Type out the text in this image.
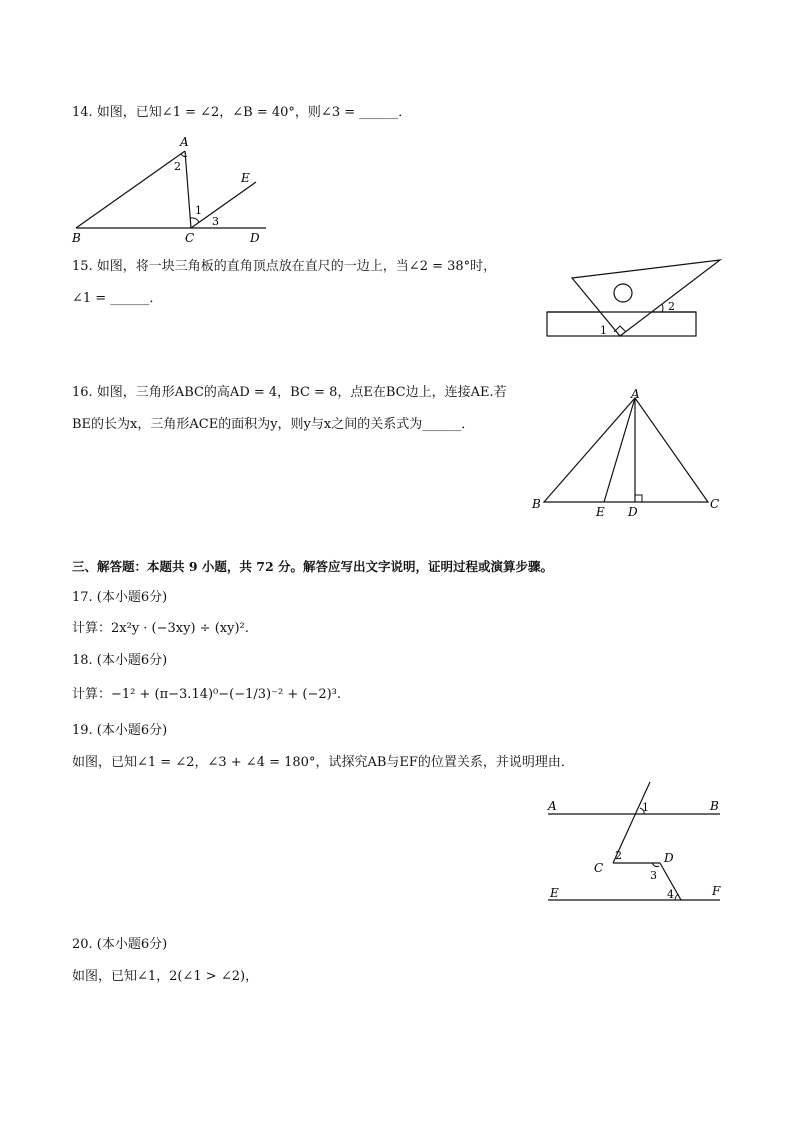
14. 如图，已知∠1 = ∠2，∠B = 40°，则∠3 = ______．
A
B	C	D
E
2
1
3
15. 如图，将一块三角板的直角顶点放在直尺的一边上，当∠2 = 38°时，
∠1 = ______．
1
2
16. 如图，三角形ABC的高AD = 4，BC = 8，点E在BC边上，连接AE.若
BE的长为x，三角形ACE的面积为y，则y与x之间的关系式为______．
A
B	C
D
E
三、解答题：本题共 9 小题，共 72 分。解答应写出文字说明，证明过程或演算步骤。
17. (本小题6分)
计算：2x²y · (−3xy) ÷ (xy)².
18. (本小题6分)
计算：−1² + (π−3.14)⁰−(−1/3)⁻² + (−2)³.
19. (本小题6分)
如图，已知∠1 = ∠2，∠3 + ∠4 = 180°，试探究AB与EF的位置关系，并说明理由．
A	B
C
D
E	F
1
2
3
4
20. (本小题6分)
如图，已知∠1，2(∠1 > ∠2)，
